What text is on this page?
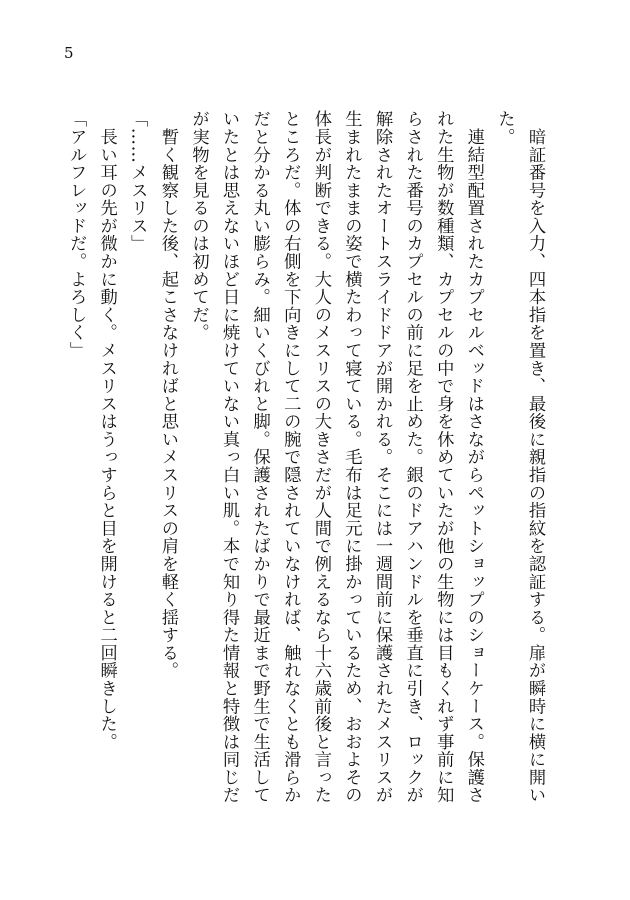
5

　暗証番号を入力、四本指を置き、最後に親指の指紋を認証する。扉が瞬時に横に開いた。

　連結型配置されたカプセルベッドはさながらペットショップのショーケース。保護された生物が数種類、カプセルの中で身を休めていたが他の生物には目もくれず事前に知らされた番号のカプセルの前に足を止めた。銀のドアハンドルを垂直に引き、ロックが解除されたオートスライドドアが開かれる。そこには一週間前に保護されたメスリスが生まれたままの姿で横たわって寝ている。毛布は足元に掛かっているため、おおよその体長が判断できる。大人のメスリスの大きさだが人間で例えるなら十六歳前後と言ったところだ。体の右側を下向きにして二の腕で隠されていなければ、触れなくとも滑らかだと分かる丸い膨らみ。細いくびれと脚。保護されたばかりで最近まで野生で生活していたとは思えないほど日に焼けていない真っ白い肌。本で知り得た情報と特徴は同じだが実物を見るのは初めてだ。

　暫く観察した後、起こさなければと思いメスリスの肩を軽く揺する。

「……メスリス」

　長い耳の先が微かに動く。メスリスはうっすらと目を開けると二回瞬きした。

「アルフレッドだ。よろしく」
